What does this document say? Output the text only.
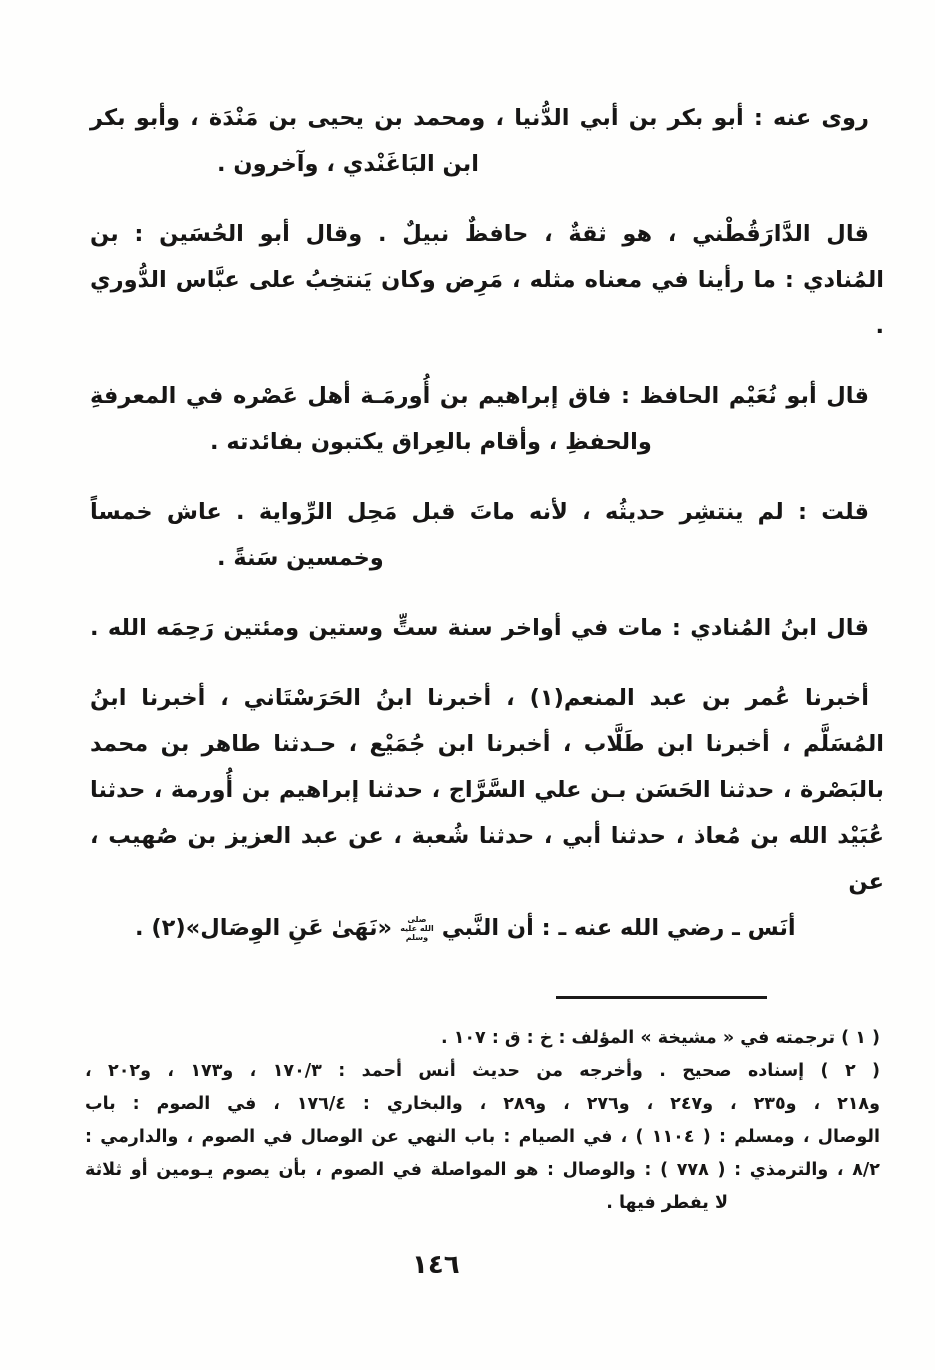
روى عنه : أبو بكر بن أبي الدُّنيا ، ومحمد بن يحيى بن مَنْدَة ، وأبو بكر
ابن البَاغَنْدي ، وآخرون .
قال الدَّارَقُطْني ، هو ثقةٌ ، حافظٌ نبيلٌ . وقال أبو الحُسَين : بن
المُنادي : ما رأينا في معناه مثله ، مَرِض وكان يَنتخِبُ على عبَّاس الدُّوري .
قال أبو نُعَيْم الحافظ : فاق إبراهيم بن أُورمَـة أهل عَصْره في المعرفةِ
والحفظِ ، وأقام بالعِراق يكتبون بفائدته .
قلت : لم ينتشِر حديثُه ، لأنه ماتَ قبل مَحِل الرِّواية . عاش خمساً
وخمسين سَنةً .
قال ابنُ المُنادي : مات في أواخر سنة ستٍّ وستين ومئتين رَحِمَه الله .
أخبرنا عُمر بن عبد المنعم(١) ، أخبرنا ابنُ الحَرَسْتَاني ، أخبرنا ابنُ
المُسَلَّم ، أخبرنا ابن طَلَّاب ، أخبرنا ابن جُمَيْع ، حـدثنا طاهر بن محمد
بالبَصْرة ، حدثنا الحَسَن بـن علي السَّرَّاج ، حدثنا إبراهيم بن أُورمة ، حدثنا
عُبَيْد الله بن مُعاذ ، حدثنا أبي ، حدثنا شُعبة ، عن عبد العزيز بن صُهيب ، عن
أنَس ـ رضي الله عنه ـ : أن النَّبي صلى الله عليه وسلم «نَهَىٰ عَنِ الوِصَال»(٢) .
( ١ ) ترجمته في « مشيخة » المؤلف : خ : ق : ١٠٧ .
( ٢ ) إسناده صحيح . وأخرجه من حديث أنس أحمد : ١٧٠/٣ ، و١٧٣ ، و٢٠٢ ،
و٢١٨ ، و٢٣٥ ، و٢٤٧ ، و٢٧٦ ، و٢٨٩ ، والبخاري : ١٧٦/٤ ، في الصوم : باب
الوصال ، ومسلم : ( ١١٠٤ ) ، في الصيام : باب النهي عن الوصال في الصوم ، والدارمي :
٨/٢ ، والترمذي : ( ٧٧٨ ) : والوصال : هو المواصلة في الصوم ، بأن يصوم يـومين أو ثلاثة
لا يفطر فيها .
١٤٦
